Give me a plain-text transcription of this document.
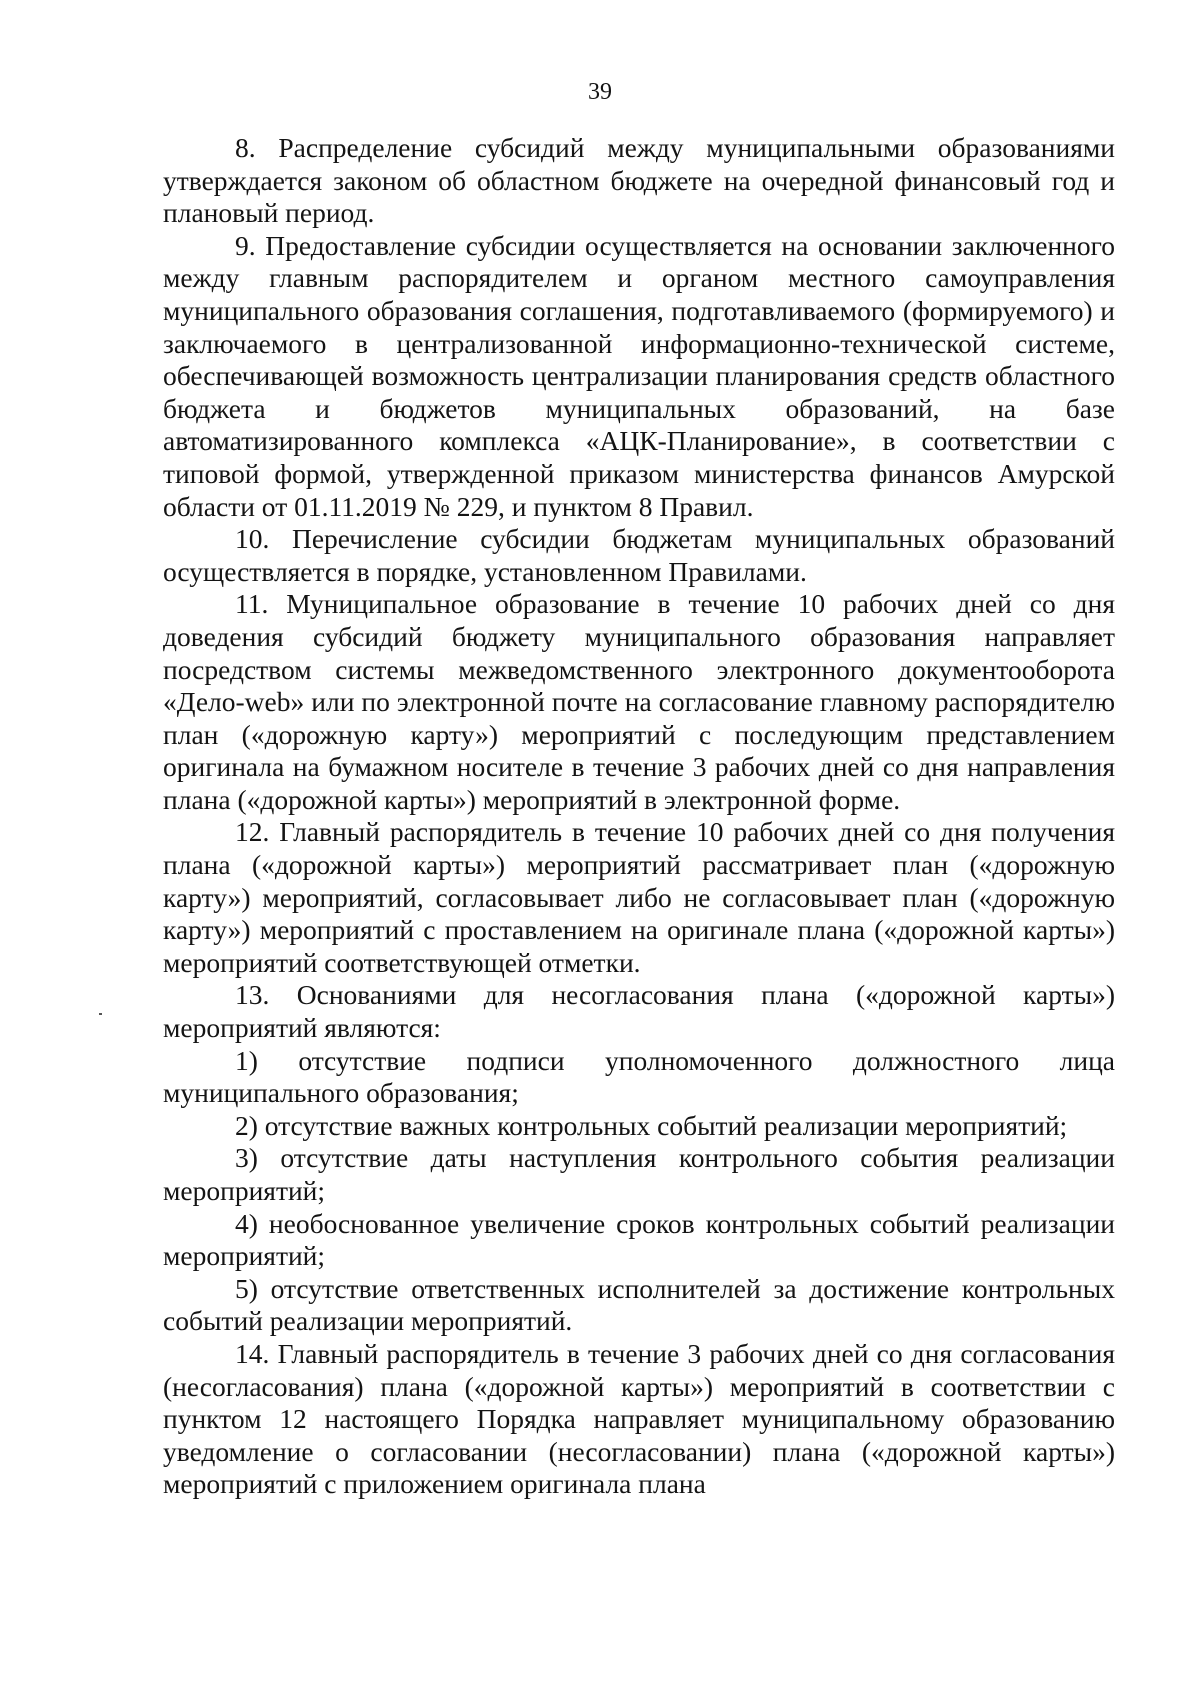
39

8. Распределение субсидий между муниципальными образованиями утверждается законом об областном бюджете на очередной финансовый год и плановый период.

9. Предоставление субсидии осуществляется на основании заключенного между главным распорядителем и органом местного самоуправления муниципального образования соглашения, подготавливаемого (формируемого) и заключаемого в централизованной информационно-технической системе, обеспечивающей возможность централизации планирования средств областного бюджета и бюджетов муниципальных образований, на базе автоматизированного комплекса «АЦК-Планирование», в соответствии с типовой формой, утвержденной приказом министерства финансов Амурской области от 01.11.2019 № 229, и пунктом 8 Правил.

10. Перечисление субсидии бюджетам муниципальных образований осуществляется в порядке, установленном Правилами.

11. Муниципальное образование в течение 10 рабочих дней со дня доведения субсидий бюджету муниципального образования направляет посредством системы межведомственного электронного документооборота «Дело-web» или по электронной почте на согласование главному распорядителю план («дорожную карту») мероприятий с последующим представлением оригинала на бумажном носителе в течение 3 рабочих дней со дня направления плана («дорожной карты») мероприятий в электронной форме.

12. Главный распорядитель в течение 10 рабочих дней со дня получения плана («дорожной карты») мероприятий рассматривает план («дорожную карту») мероприятий, согласовывает либо не согласовывает план («дорожную карту») мероприятий с проставлением на оригинале плана («дорожной карты») мероприятий соответствующей отметки.

13. Основаниями для несогласования плана («дорожной карты») мероприятий являются:

1) отсутствие подписи уполномоченного должностного лица муниципального образования;

2) отсутствие важных контрольных событий реализации мероприятий;

3) отсутствие даты наступления контрольного события реализации мероприятий;

4) необоснованное увеличение сроков контрольных событий реализации мероприятий;

5) отсутствие ответственных исполнителей за достижение контрольных событий реализации мероприятий.

14. Главный распорядитель в течение 3 рабочих дней со дня согласования (несогласования) плана («дорожной карты») мероприятий в соответствии с пунктом 12 настоящего Порядка направляет муниципальному образованию уведомление о согласовании (несогласовании) плана («дорожной карты») мероприятий с приложением оригинала плана
